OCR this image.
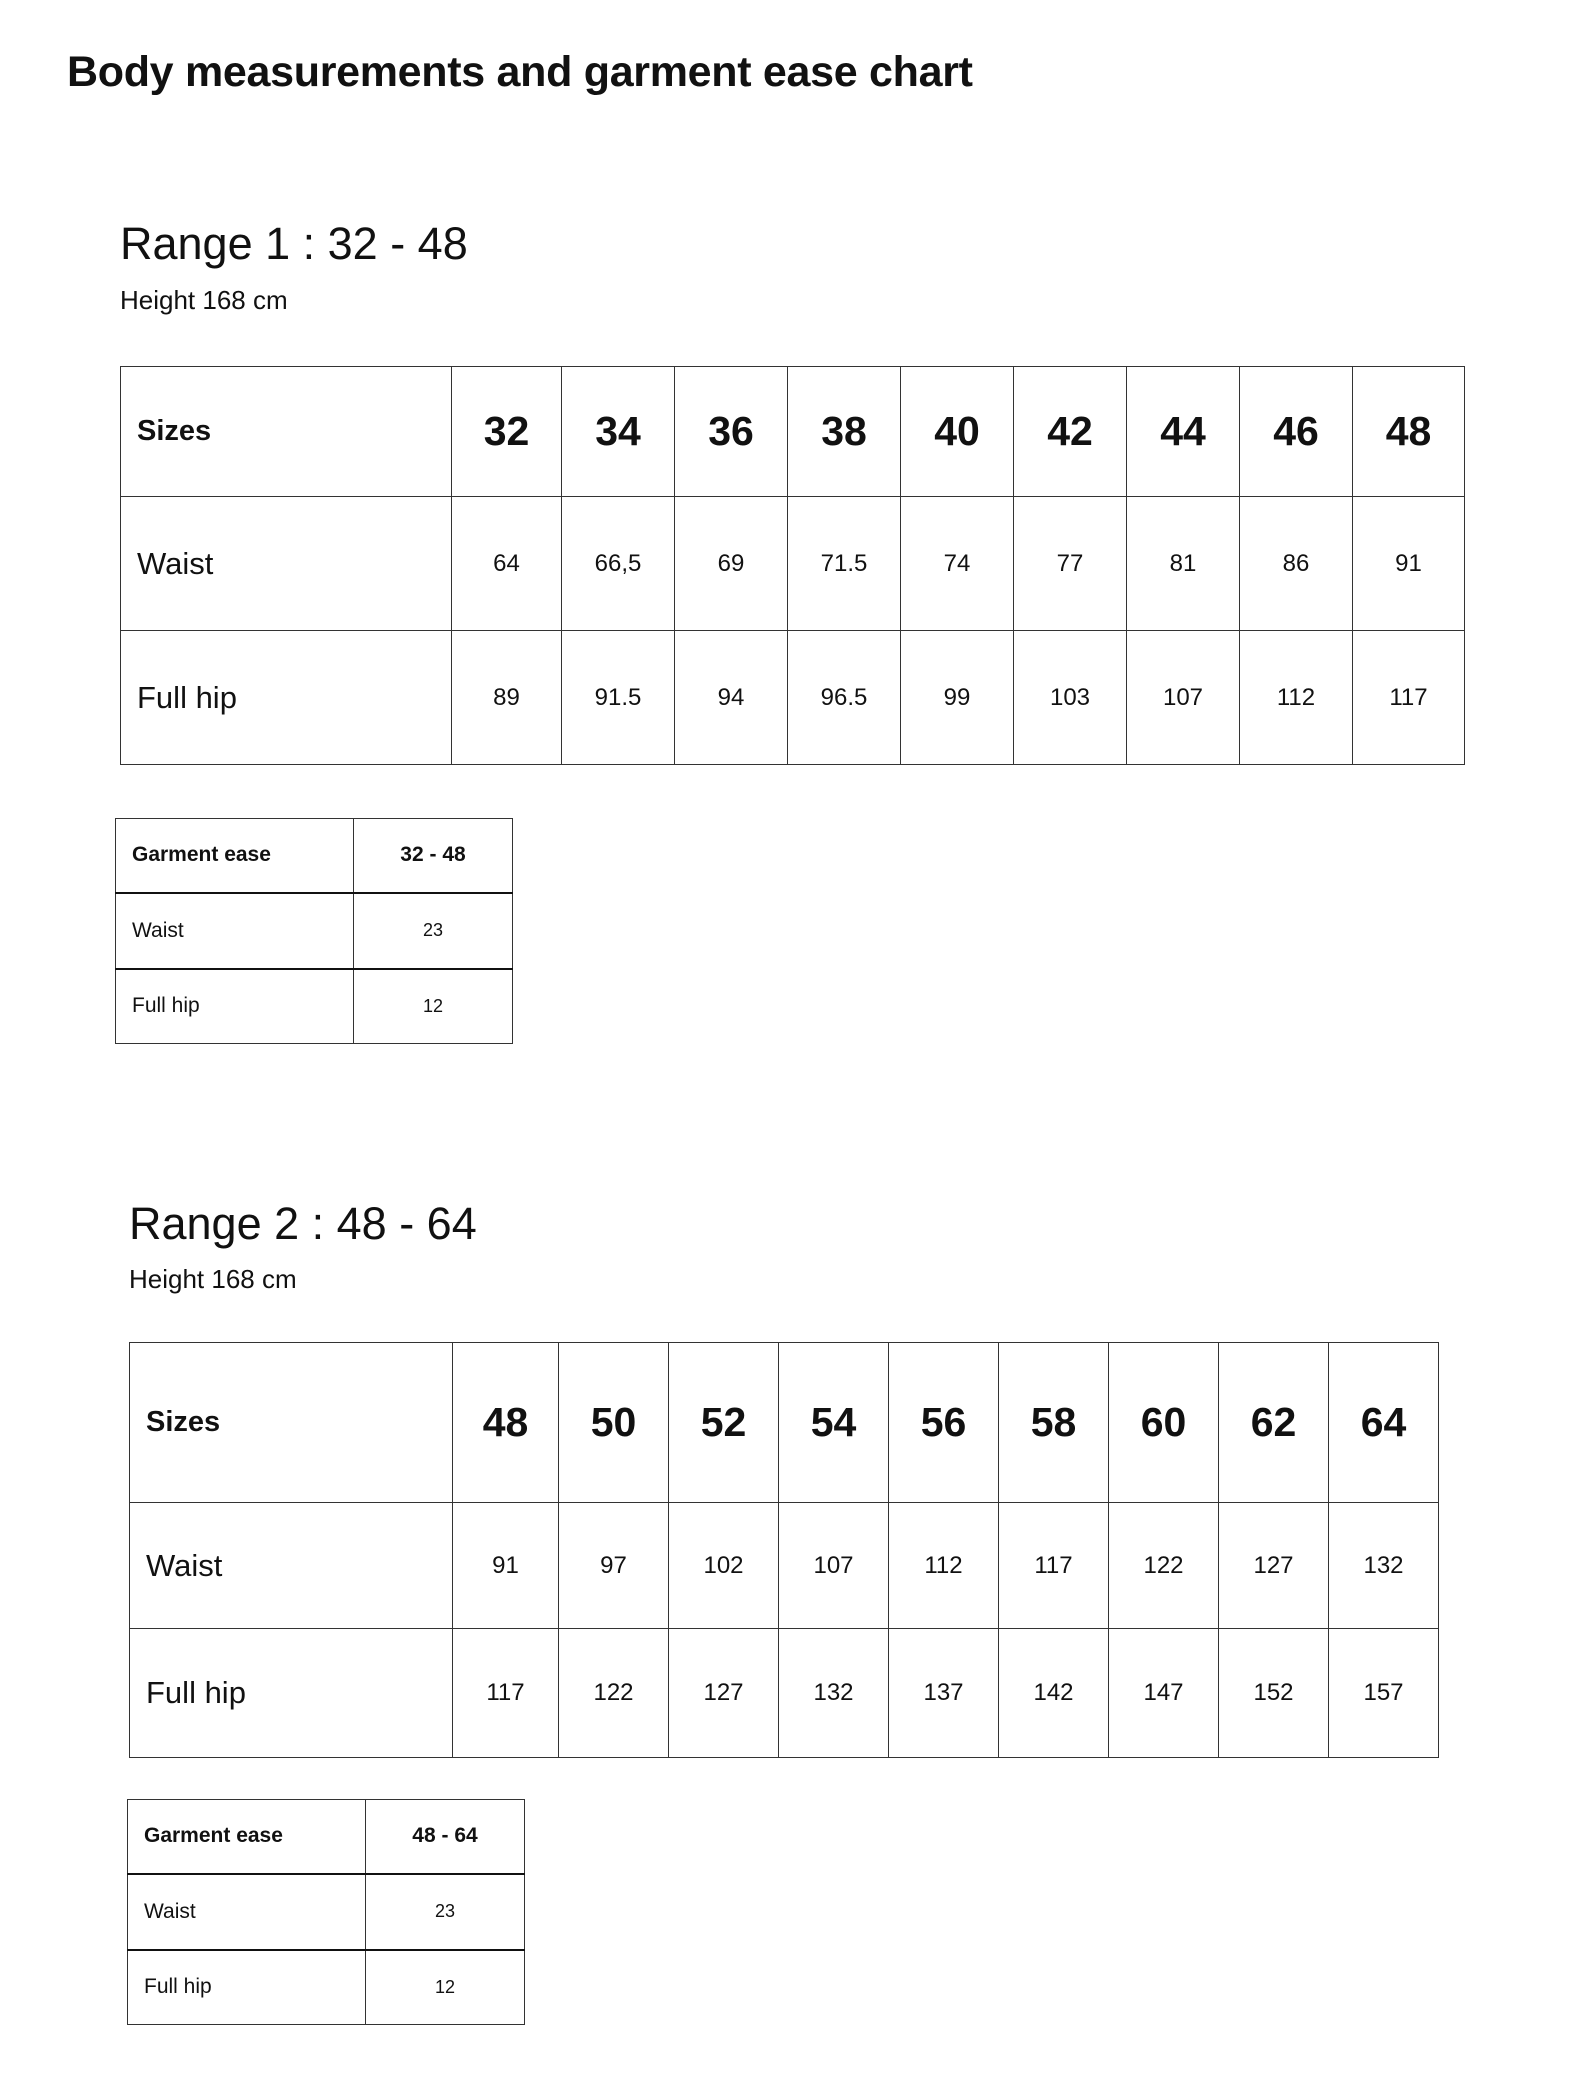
Body measurements and garment ease chart
Range 1 : 32 - 48
Height 168 cm
Sizes	32	34	36	38	40	42	44	46	48
Waist	64	66,5	69	71.5	74	77	81	86	91
Full hip	89	91.5	94	96.5	99	103	107	112	117
Garment ease	32 - 48
Waist	23
Full hip	12
Range 2 : 48 - 64
Height 168 cm
Sizes	48	50	52	54	56	58	60	62	64
Waist	91	97	102	107	112	117	122	127	132
Full hip	117	122	127	132	137	142	147	152	157
Garment ease	48 - 64
Waist	23
Full hip	12
